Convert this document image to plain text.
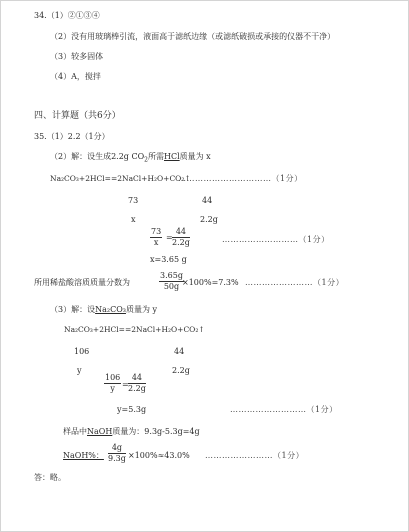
34.（1）②①③④
（2）没有用玻璃棒引流，液面高于滤纸边缘（或滤纸破损或承接的仪器不干净）
（3）较多固体
（4）A，搅拌
四、计算题（共6分）
35.（1）2.2（1分）
（2）解：设生成2.2g $CO_2$所需HCl质量为 x
Na₂CO₃+2HCl==2NaCl+H₂O+CO₂↑
……………………………（1分）
73	44
x	2.2g
$\frac{73}{x} = \frac{44}{2.2g}$	………………………（1分）
x=3.65 g
所用稀盐酸溶质质量分数为	$\frac{3.65g}{50g}$
×100%=7.3% ……………………（1分）
（3）解：设Na₂CO₃质量为 y
Na₂CO₃+2HCl==2NaCl+H₂O+CO₂↑
106	44
y	2.2g
$\frac{106}{y} = \frac{44}{2.2g}$
y=5.3g	………………………（1分）
样品中NaOH质量为：9.3g-5.3g=4g
NaOH%： $\frac{4g}{9.3g} \times 100\%\approx 43.0\%$ ……………………（1分）
答：略。
